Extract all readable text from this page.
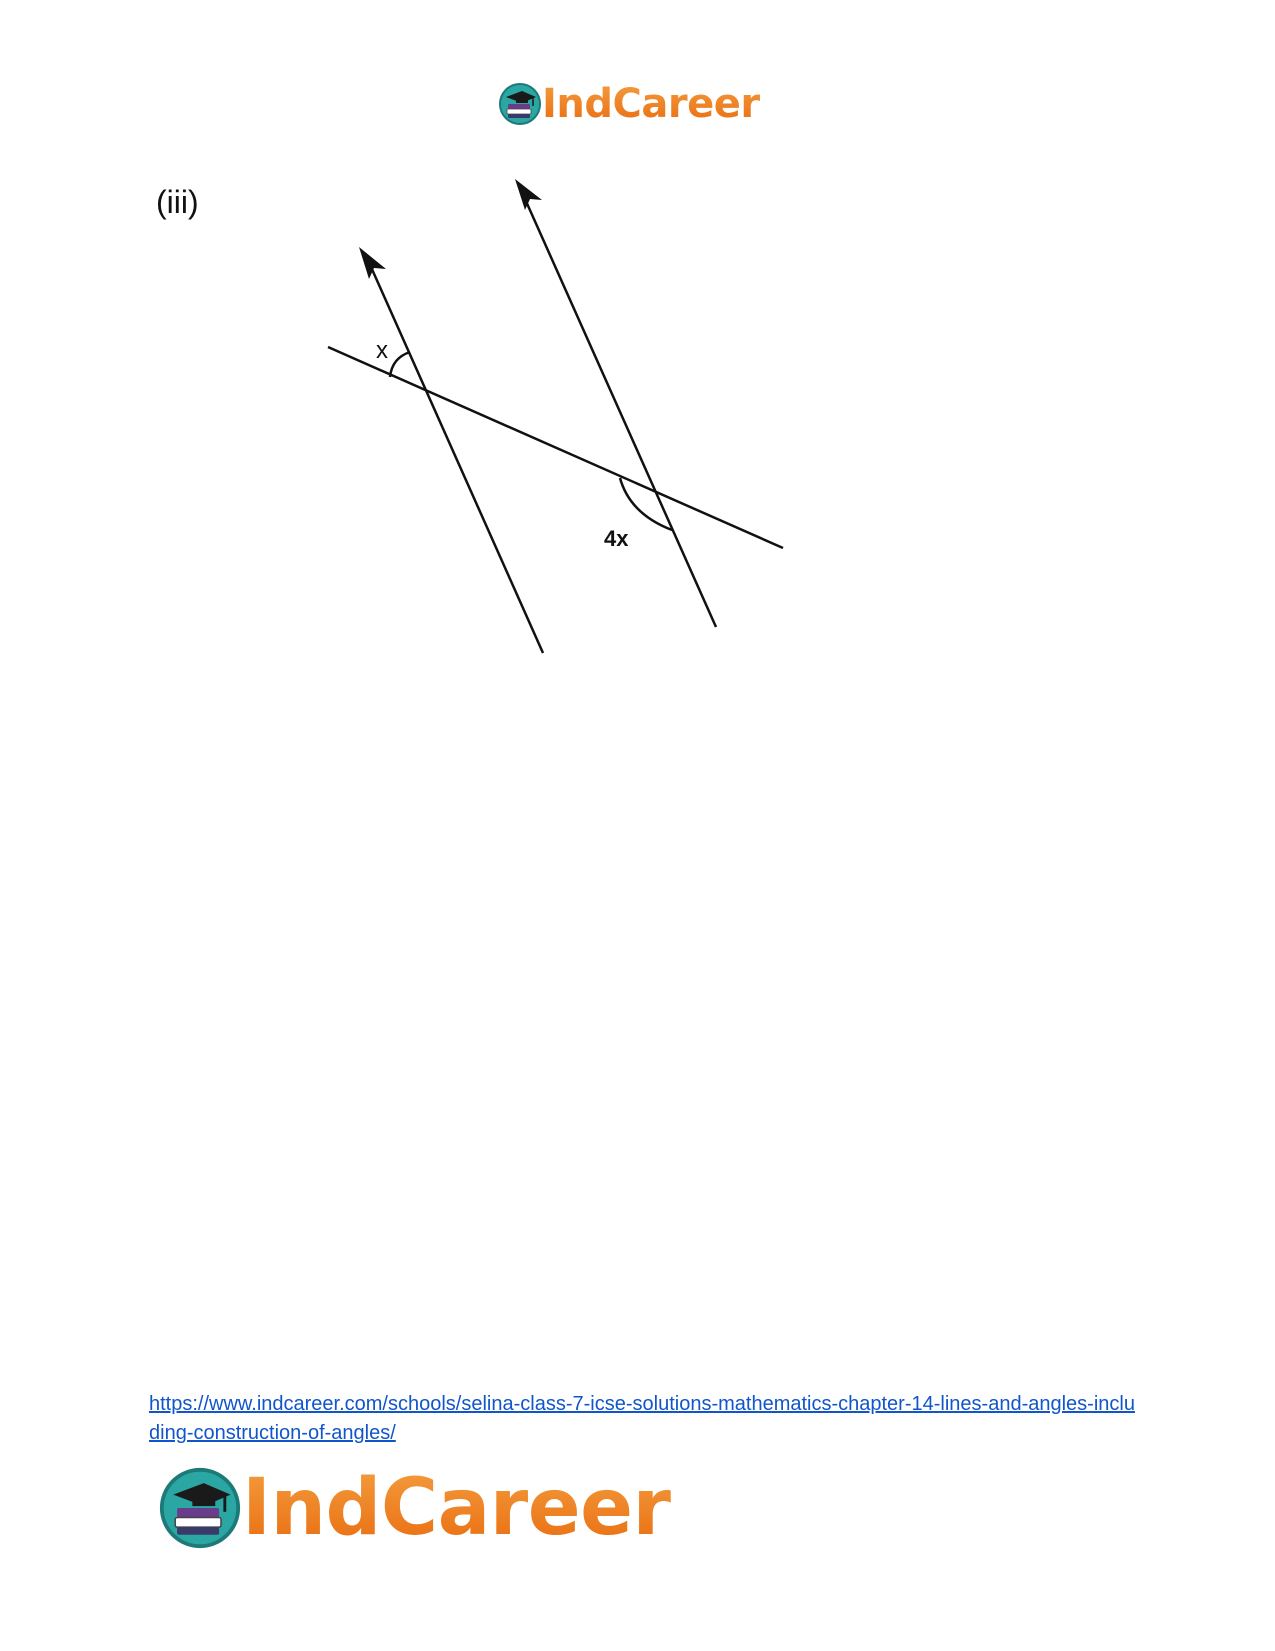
IndCareer
(iii)
x
4x
https://www.indcareer.com/schools/selina-class-7-icse-solutions-mathematics-chapter-14-lines-and-angles-including-construction-of-angles/
IndCareer
